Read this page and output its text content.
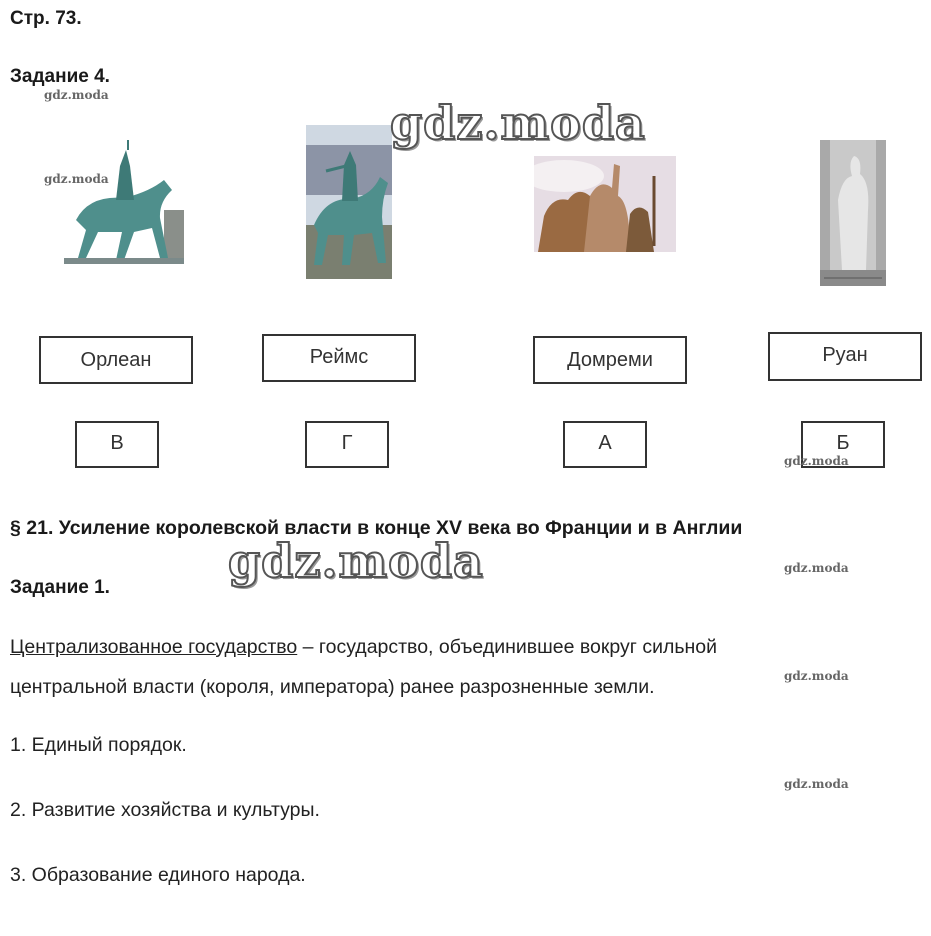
Стр. 73.
Задание 4.
Орлеан	Реймс	Домреми	Руан
В	Г	А	Б
§ 21. Усиление королевской власти в конце XV века во Франции и в Англии
Задание 1.
Централизованное государство – государство, объединившее вокруг сильной
центральной власти (короля, императора) ранее разрозненные земли.
1. Единый порядок.
2. Развитие хозяйства и культуры.
3. Образование единого народа.
gdz.moda
gdz.moda
gdz.moda
gdz.moda
gdz.moda
gdz.moda
gdz.moda
gdz.moda
